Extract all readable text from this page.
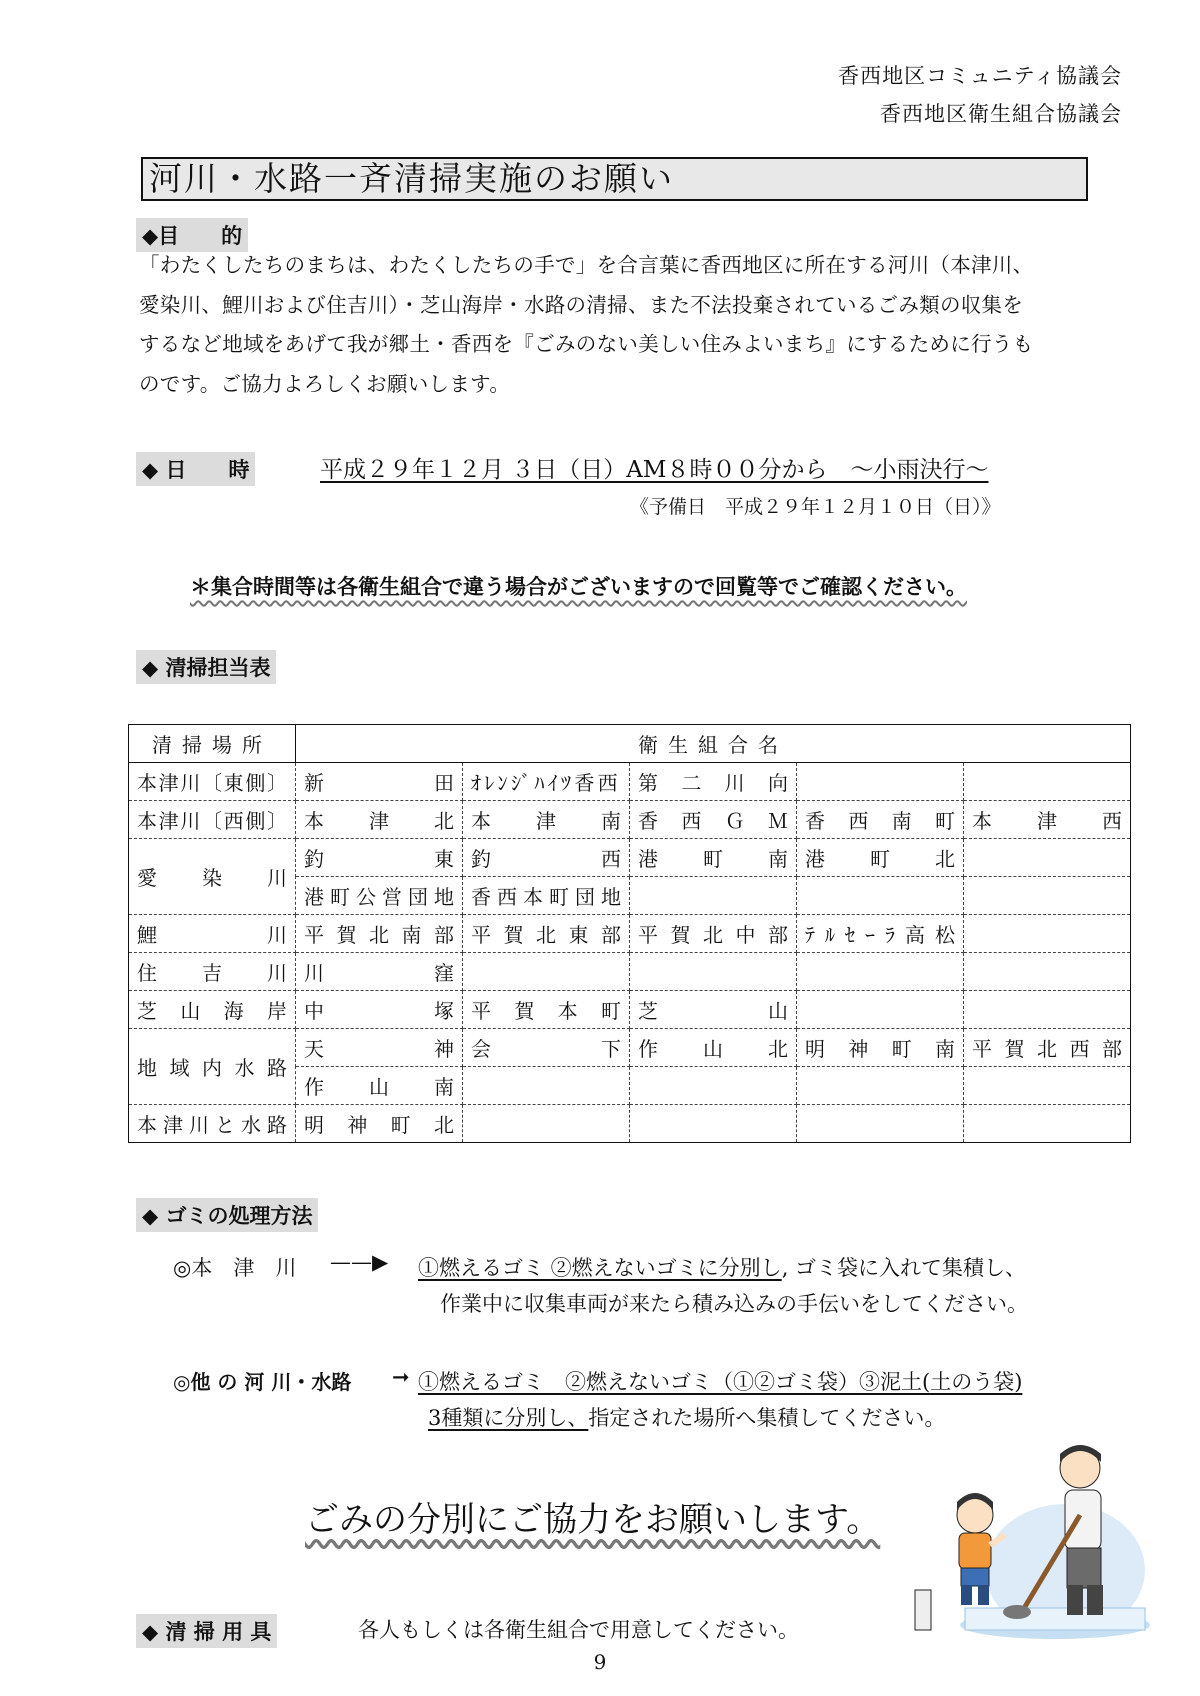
香西地区コミュニティ協議会
香西地区衛生組合協議会
河川・水路一斉清掃実施のお願い
◆目　　的
「わたくしたちのまちは、わたくしたちの手で」を合言葉に香西地区に所在する河川（本津川、
愛染川、鯉川および住吉川）・芝山海岸・水路の清掃、また不法投棄されているごみ類の収集を
するなど地域をあげて我が郷土・香西を『ごみのない美しい住みよいまち』にするために行うも
のです。ご協力よろしくお願いします。
◆ 日　　時	平成２９年１２月 ３日（日）AM８時００分から　～小雨決行～
《予備日　平成２９年１２月１０日（日）》
＊集合時間等は各衛生組合で違う場合がございますので回覧等でご確認ください。
◆ 清掃担当表
清掃場所	衛生組合名				
本津川〔東側〕	新田	ｵﾚﾝｼﾞﾊｲﾂ香西	第二川向		
本津川〔西側〕	本津北	本津南	香西ＧＭ	香西南町	本津西
愛染川	釣東	釣西	港町南	港町北	
	港町公営団地	香西本町団地			
鯉川	平賀北南部	平賀北東部	平賀北中部	ﾃﾙｾｰﾗ高松	
住吉川	川窪				
芝山海岸	中塚	平賀本町	芝山		
地域内水路	天神	会下	作山北	明神町南	平賀北西部
	作山南				
本津川と水路	明神町北				
◆ ゴミの処理方法
◎本　津　川 ——▶ ①燃えるゴミ ②燃えないゴミに分別し, ゴミ袋に入れて集積し、
作業中に収集車両が来たら積み込みの手伝いをしてください。
◎他 の 河 川・水路 ➞ ①燃えるゴミ　②燃えないゴミ（①②ゴミ袋）③泥土(土のう袋)
3種類に分別し、指定された場所へ集積してください。
ごみの分別にご協力をお願いします。
◆ 清 掃 用 具	各人もしくは各衛生組合で用意してください。
9
